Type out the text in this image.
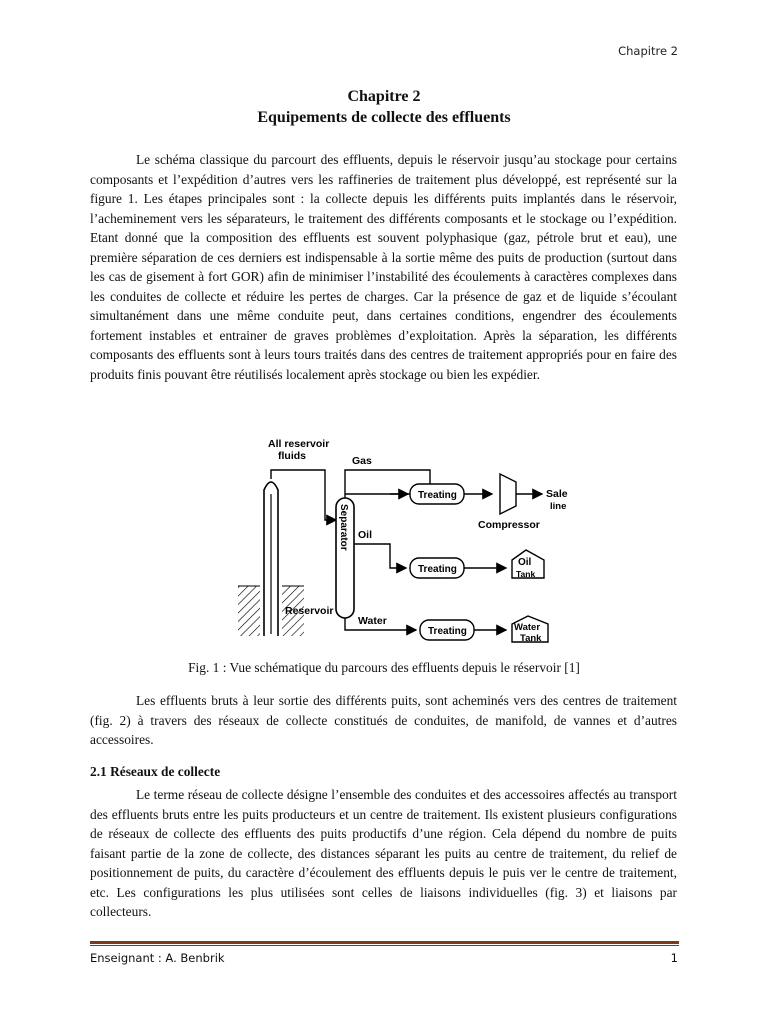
Chapitre 2
Chapitre 2
Equipements de collecte des effluents

Le schéma classique du parcourt des effluents, depuis le réservoir jusqu’au stockage pour certains composants et l’expédition d’autres vers les raffineries de traitement plus développé, est représenté sur la figure 1. Les étapes principales sont : la collecte depuis les différents puits implantés dans le réservoir, l’acheminement vers les séparateurs, le traitement des différents composants et le stockage ou l’expédition. Etant donné que la composition des effluents est souvent polyphasique (gaz, pétrole brut et eau), une première séparation de ces derniers est indispensable à la sortie même des puits de production (surtout dans les cas de gisement à fort GOR) afin de minimiser l’instabilité des écoulements à caractères complexes dans les conduites de collecte et réduire les pertes de charges. Car la présence de gaz et de liquide s’écoulant simultanément dans une même conduite peut, dans certaines conditions, engendrer des écoulements fortement instables et entrainer de graves problèmes d’exploitation. Après la séparation, les différents composants des effluents sont à leurs tours traités dans des centres de traitement appropriés pour en faire des produits finis pouvant être réutilisés localement après stockage ou bien les expédier.

All reservoir
fluids	Gas
Separator Oil
Water
Reservoir
Treating
Treating
Treating
Compressor
Sale
line
Oil
Tank
Water
Tank
Fig. 1 : Vue schématique du parcours des effluents depuis le réservoir [1]

Les effluents bruts à leur sortie des différents puits, sont acheminés vers des centres de traitement (fig. 2) à travers des réseaux de collecte constitués de conduites, de manifold, de vannes et d’autres accessoires.

2.1 Réseaux de collecte

Le terme réseau de collecte désigne l’ensemble des conduites et des accessoires affectés au transport des effluents bruts entre les puits producteurs et un centre de traitement. Ils existent plusieurs configurations de réseaux de collecte des effluents des puits productifs d’une région. Cela dépend du nombre de puits faisant partie de la zone de collecte, des distances séparant les puits au centre de traitement, du relief de positionnement de puits, du caractère d’écoulement des effluents depuis le puis ver le centre de traitement, etc. Les configurations les plus utilisées sont celles de liaisons individuelles (fig. 3) et liaisons par collecteurs.

Enseignant : A. Benbrik	1
